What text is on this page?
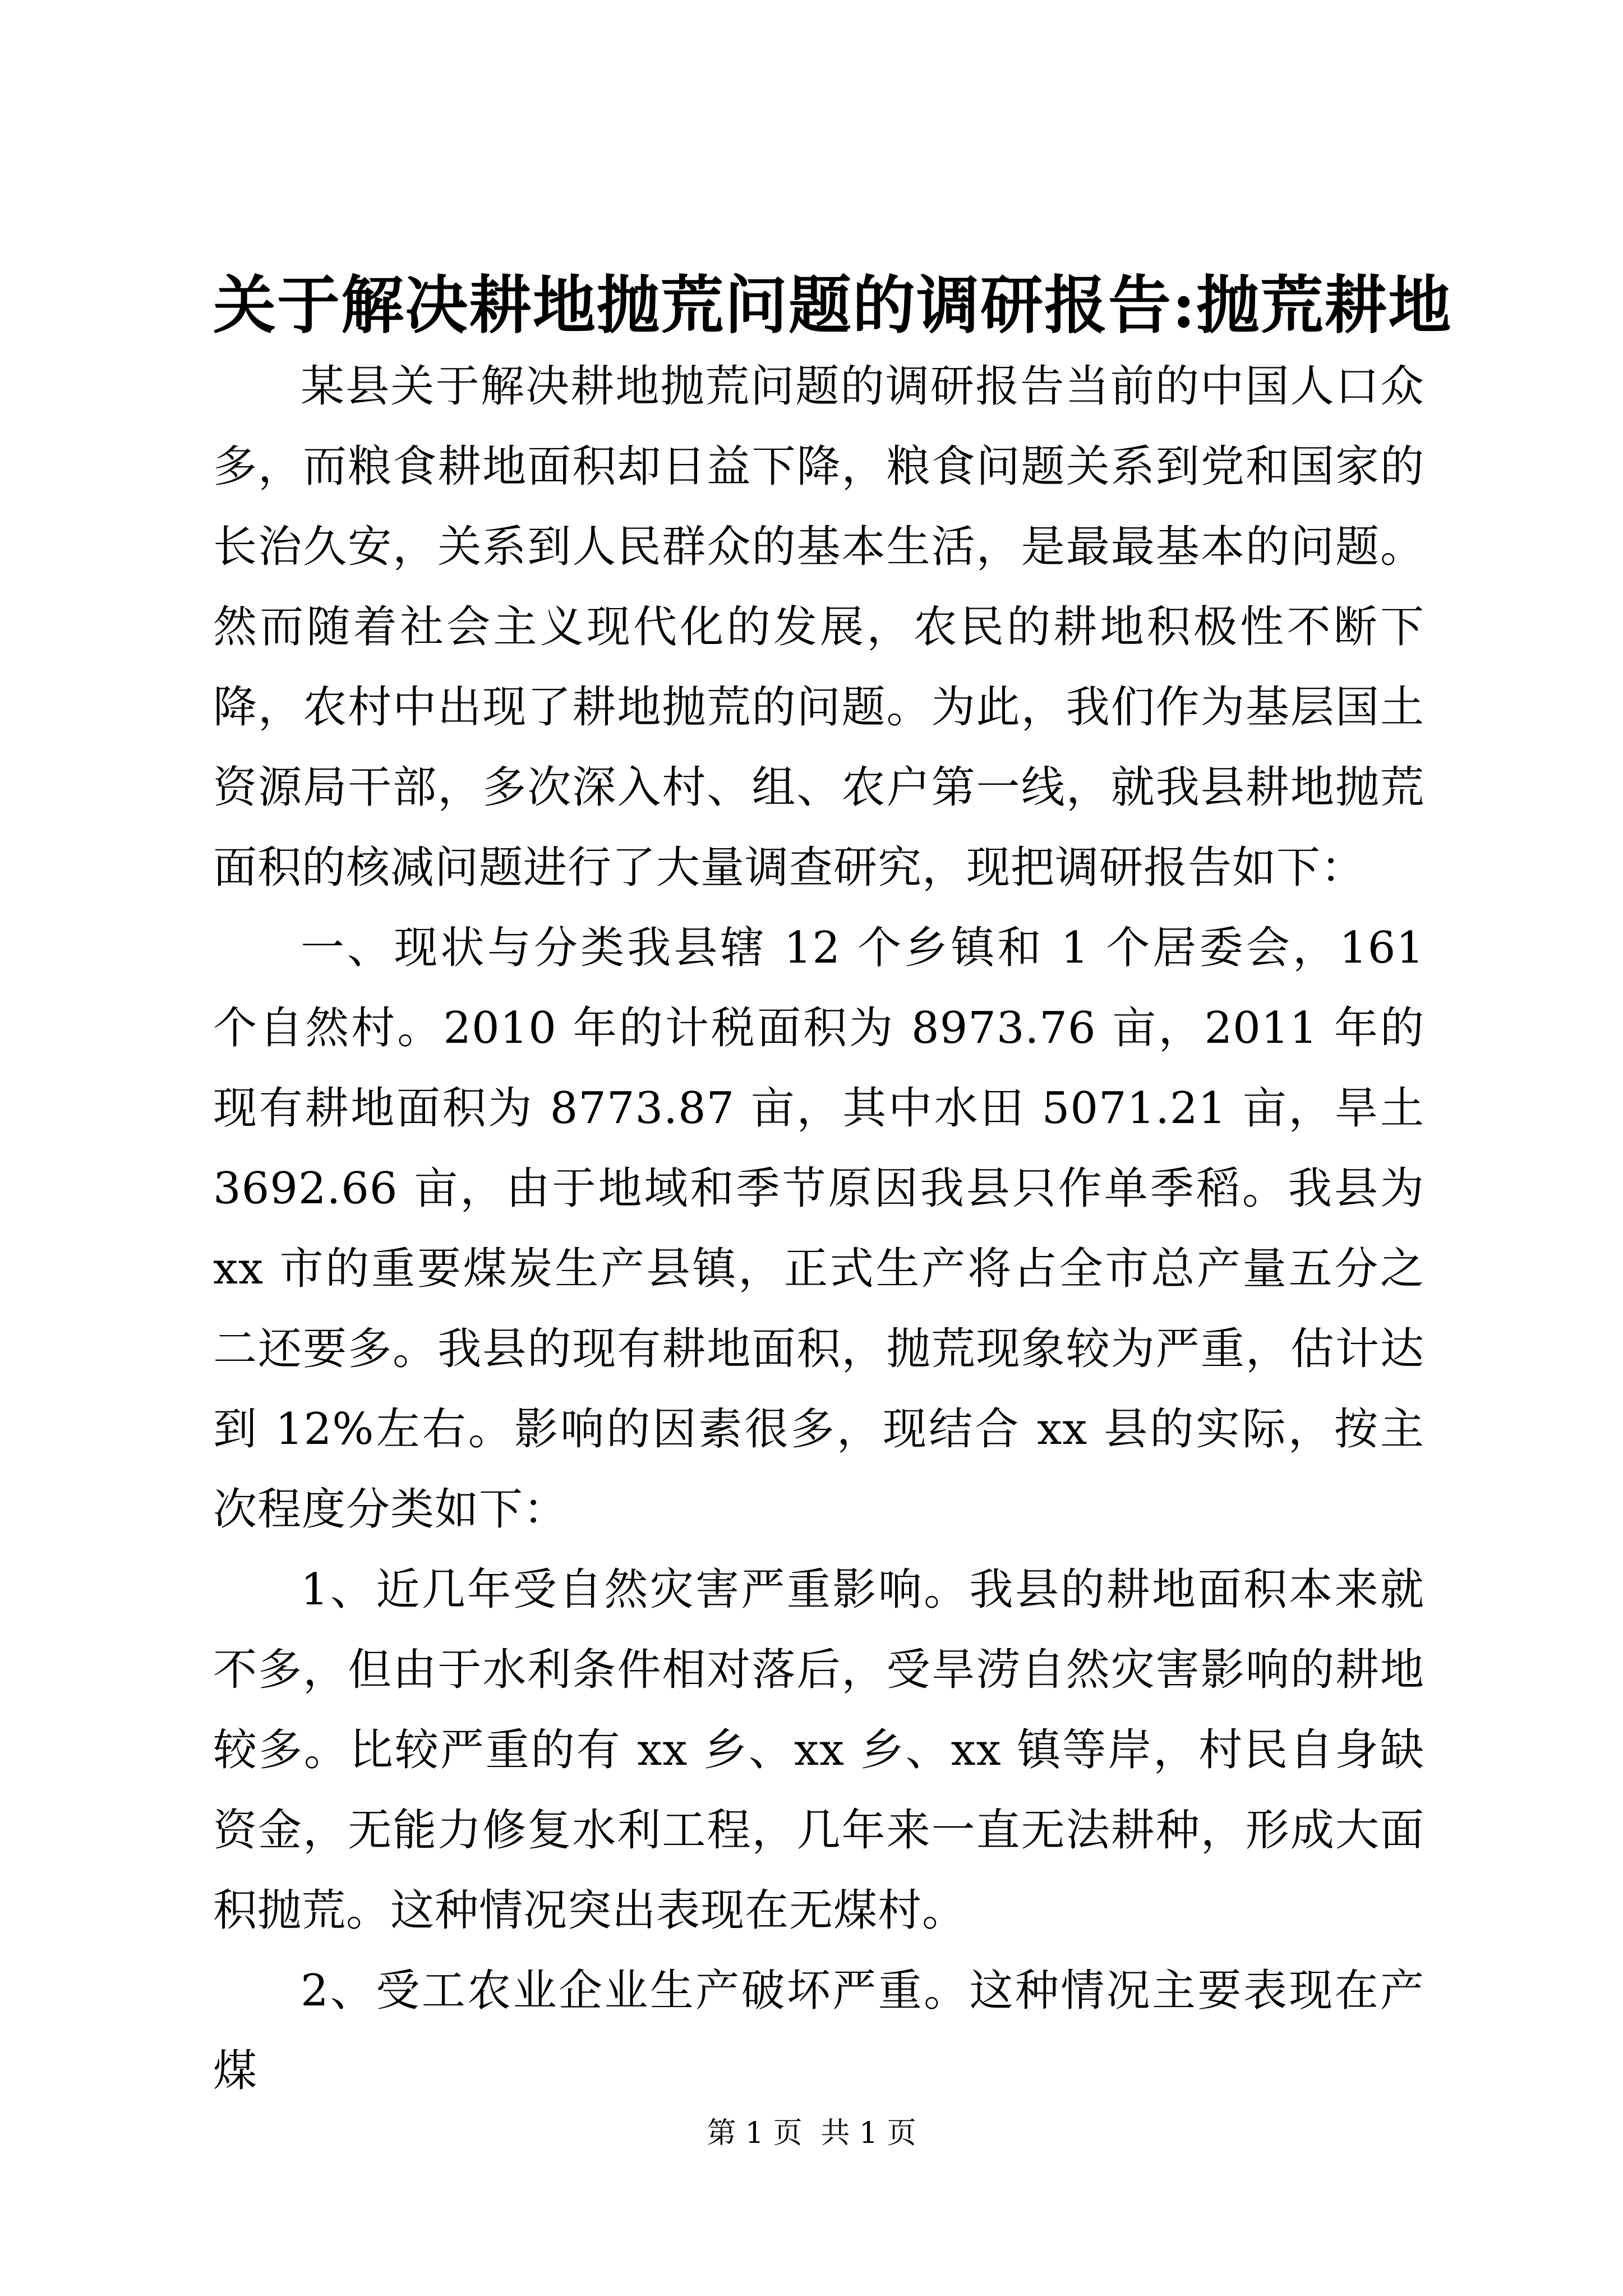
关于解决耕地抛荒问题的调研报告:抛荒耕地

某县关于解决耕地抛荒问题的调研报告当前的中国人口众多，而粮食耕地面积却日益下降，粮食问题关系到党和国家的长治久安，关系到人民群众的基本生活，是最最基本的问题。然而随着社会主义现代化的发展，农民的耕地积极性不断下降，农村中出现了耕地抛荒的问题。为此，我们作为基层国土资源局干部，多次深入村、组、农户第一线，就我县耕地抛荒面积的核减问题进行了大量调查研究，现把调研报告如下：

一、现状与分类我县辖 12 个乡镇和 1 个居委会，161 个自然村。2010 年的计税面积为 8973.76 亩，2011 年的现有耕地面积为 8773.87 亩，其中水田 5071.21 亩，旱土 3692.66 亩，由于地域和季节原因我县只作单季稻。我县为 xx 市的重要煤炭生产县镇，正式生产将占全市总产量五分之二还要多。我县的现有耕地面积，抛荒现象较为严重，估计达到 12%左右。影响的因素很多，现结合 xx 县的实际，按主次程度分类如下：

1、近几年受自然灾害严重影响。我县的耕地面积本来就不多，但由于水利条件相对落后，受旱涝自然灾害影响的耕地较多。比较严重的有 xx 乡、xx 乡、xx 镇等岸，村民自身缺资金，无能力修复水利工程，几年来一直无法耕种，形成大面积抛荒。这种情况突出表现在无煤村。

2、受工农业企业生产破坏严重。这种情况主要表现在产煤

第 1 页  共 1 页
